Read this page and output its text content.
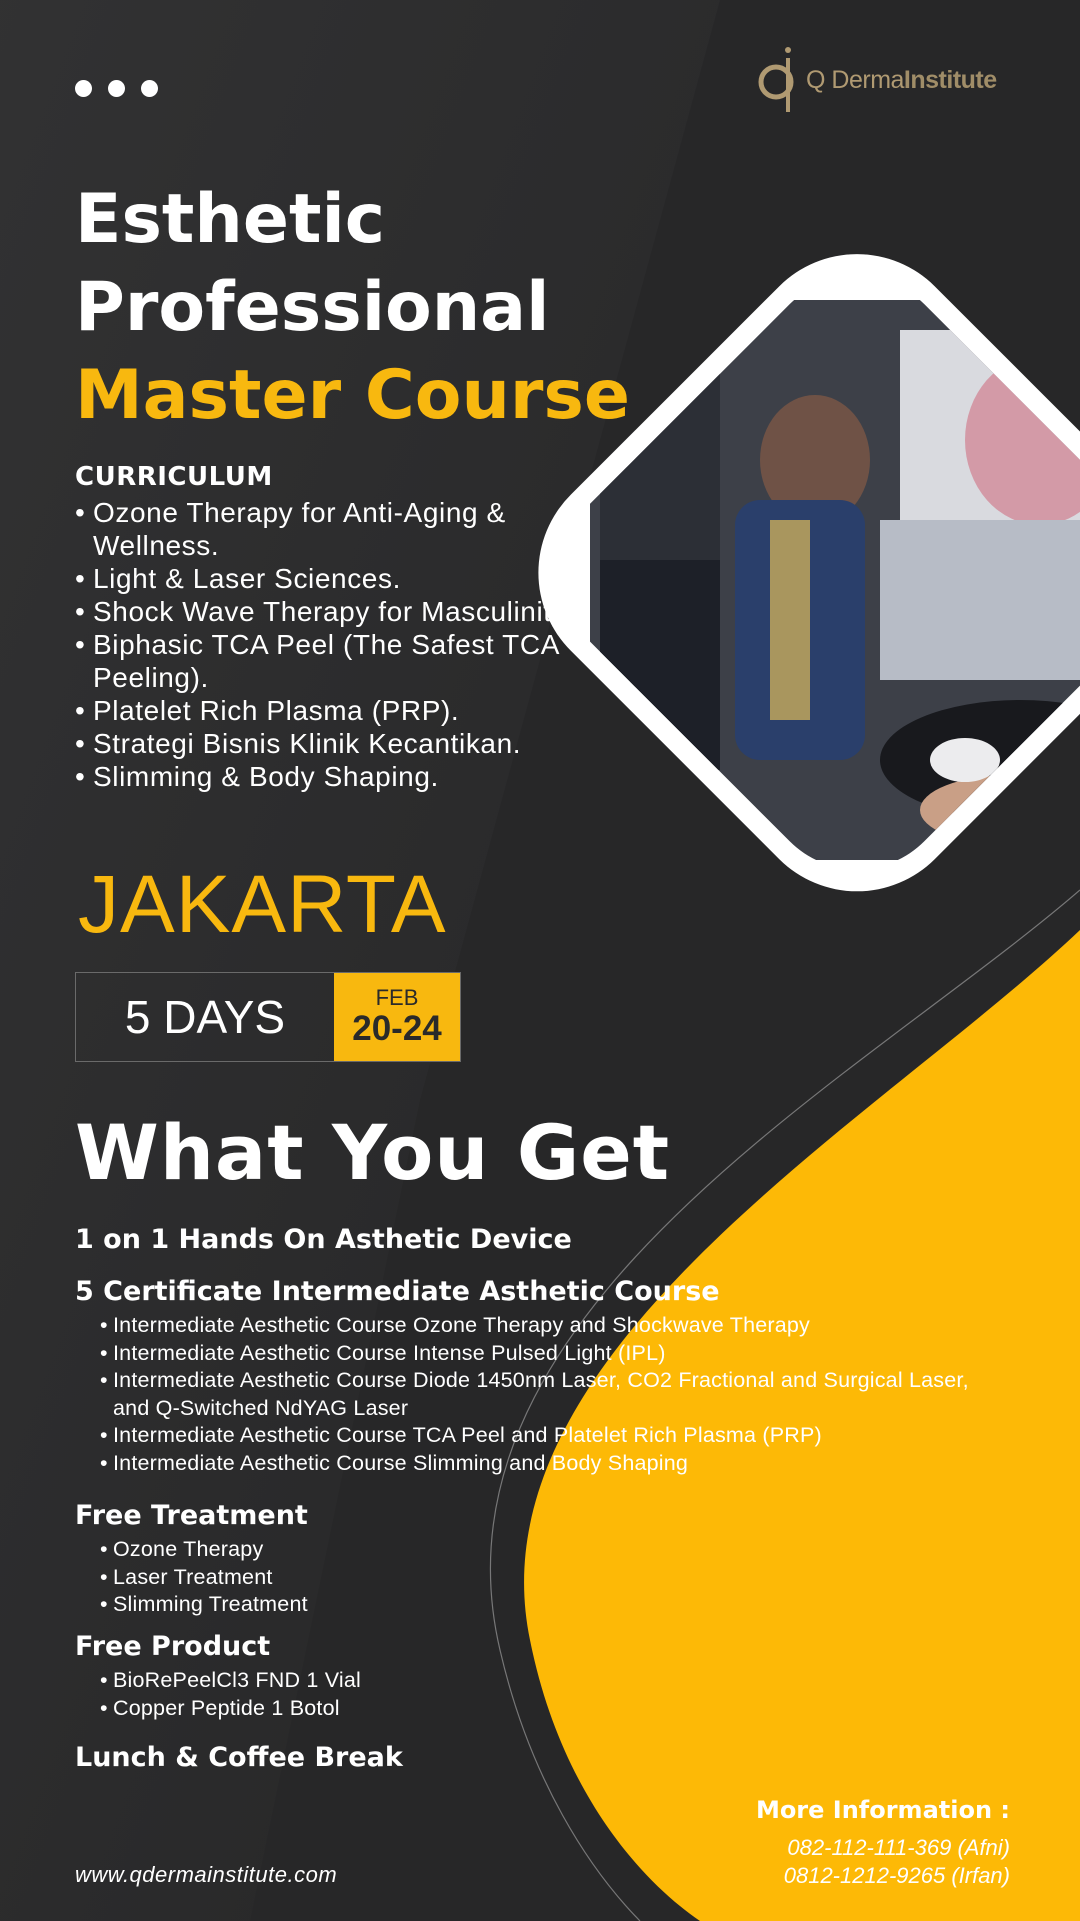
Q DermaInstitute
Esthetic
Professional
Master Course
CURRICULUM
• Ozone Therapy for Anti-Aging & Wellness.
• Light & Laser Sciences.
• Shock Wave Therapy for Masculinity.
• Biphasic TCA Peel (The Safest TCA Peeling).
• Platelet Rich Plasma (PRP).
• Strategi Bisnis Klinik Kecantikan.
• Slimming & Body Shaping.
JAKARTA
5 DAYS	FEB
20-24
What You Get
1 on 1 Hands On Asthetic Device
5 Certificate Intermediate Asthetic Course
• Intermediate Aesthetic Course Ozone Therapy and Shockwave Therapy
• Intermediate Aesthetic Course Intense Pulsed Light (IPL)
• Intermediate Aesthetic Course Diode 1450nm Laser, CO2 Fractional and Surgical Laser, and Q-Switched NdYAG Laser
• Intermediate Aesthetic Course TCA Peel and Platelet Rich Plasma (PRP)
• Intermediate Aesthetic Course Slimming and Body Shaping
Free Treatment
• Ozone Therapy
• Laser Treatment
• Slimming Treatment
Free Product
• BioRePeelCl3 FND 1 Vial
• Copper Peptide 1 Botol
Lunch & Coffee Break
More Information :
082-112-111-369 (Afni)
0812-1212-9265 (Irfan)
www.qdermainstitute.com
